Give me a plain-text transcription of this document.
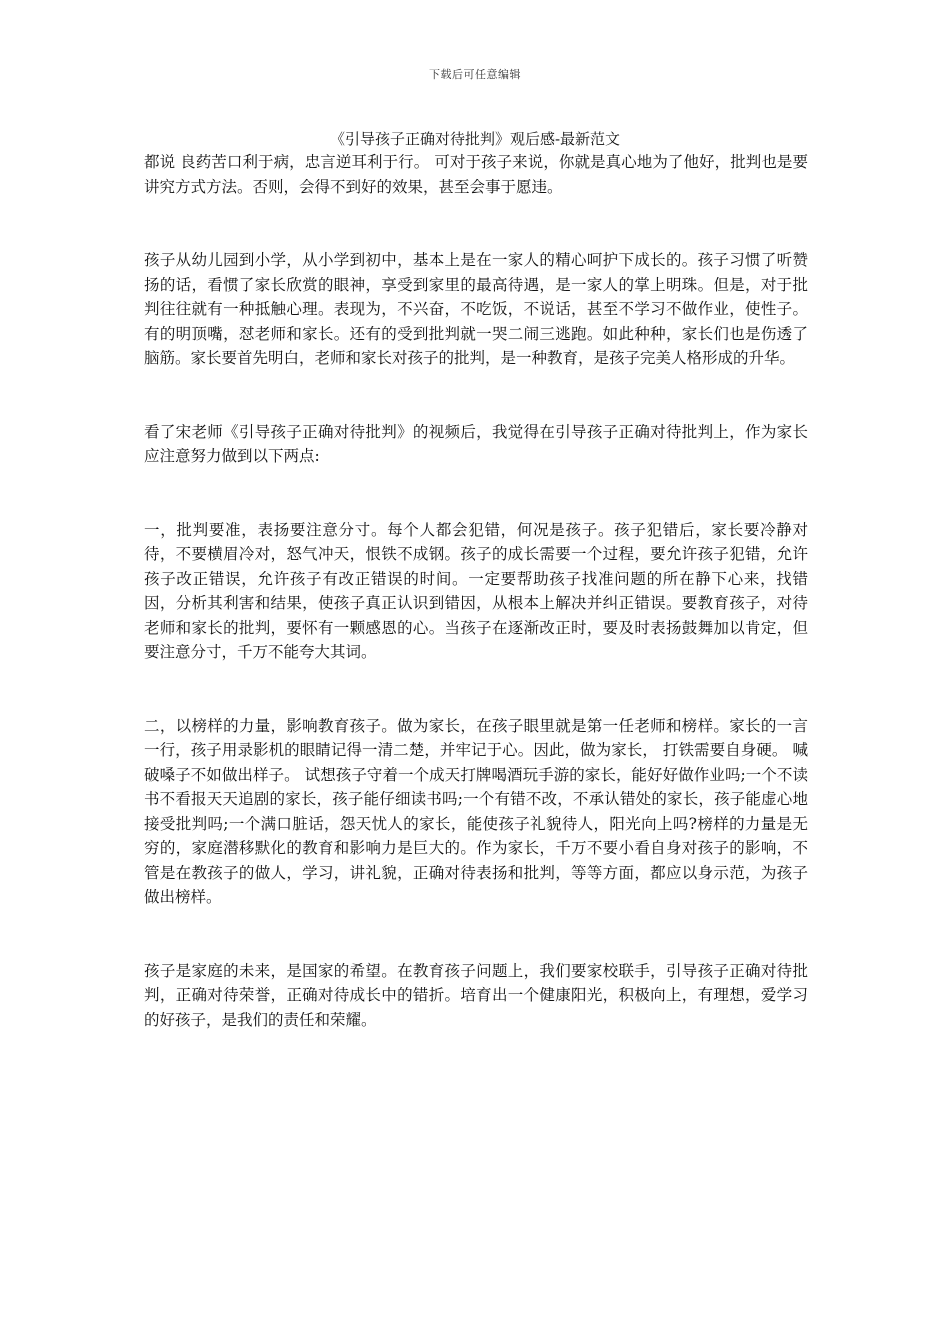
下载后可任意编辑
《引导孩子正确对待批判》观后感-最新范文

都说 良药苦口利于病，忠言逆耳利于行。 可对于孩子来说，你就是真心地为了他好，批判也是要讲究方式方法。否则，会得不到好的效果，甚至会事于愿违。

孩子从幼儿园到小学，从小学到初中，基本上是在一家人的精心呵护下成长的。孩子习惯了听赞扬的话，看惯了家长欣赏的眼神，享受到家里的最高待遇，是一家人的掌上明珠。但是，对于批判往往就有一种抵触心理。表现为，不兴奋，不吃饭，不说话，甚至不学习不做作业，使性子。有的明顶嘴，怼老师和家长。还有的受到批判就一哭二闹三逃跑。如此种种，家长们也是伤透了脑筋。家长要首先明白，老师和家长对孩子的批判，是一种教育，是孩子完美人格形成的升华。

看了宋老师《引导孩子正确对待批判》的视频后，我觉得在引导孩子正确对待批判上，作为家长应注意努力做到以下两点:

一，批判要准，表扬要注意分寸。每个人都会犯错，何况是孩子。孩子犯错后，家长要冷静对待，不要横眉冷对，怒气冲天，恨铁不成钢。孩子的成长需要一个过程，要允许孩子犯错，允许孩子改正错误，允许孩子有改正错误的时间。一定要帮助孩子找准问题的所在静下心来，找错因，分析其利害和结果，使孩子真正认识到错因，从根本上解决并纠正错误。要教育孩子，对待老师和家长的批判，要怀有一颗感恩的心。当孩子在逐渐改正时，要及时表扬鼓舞加以肯定，但要注意分寸，千万不能夸大其词。

二，以榜样的力量，影响教育孩子。做为家长，在孩子眼里就是第一任老师和榜样。家长的一言一行，孩子用录影机的眼睛记得一清二楚，并牢记于心。因此，做为家长， 打铁需要自身硬。 喊破嗓子不如做出样子。 试想孩子守着一个成天打牌喝酒玩手游的家长，能好好做作业吗;一个不读书不看报天天追剧的家长，孩子能仔细读书吗;一个有错不改，不承认错处的家长，孩子能虚心地接受批判吗;一个满口脏话，怨天忧人的家长，能使孩子礼貌待人，阳光向上吗?榜样的力量是无穷的，家庭潜移默化的教育和影响力是巨大的。作为家长，千万不要小看自身对孩子的影响，不管是在教孩子的做人，学习，讲礼貌，正确对待表扬和批判，等等方面，都应以身示范，为孩子做出榜样。

孩子是家庭的未来，是国家的希望。在教育孩子问题上，我们要家校联手，引导孩子正确对待批判，正确对待荣誉，正确对待成长中的错折。培育出一个健康阳光，积极向上，有理想，爱学习的好孩子，是我们的责任和荣耀。
